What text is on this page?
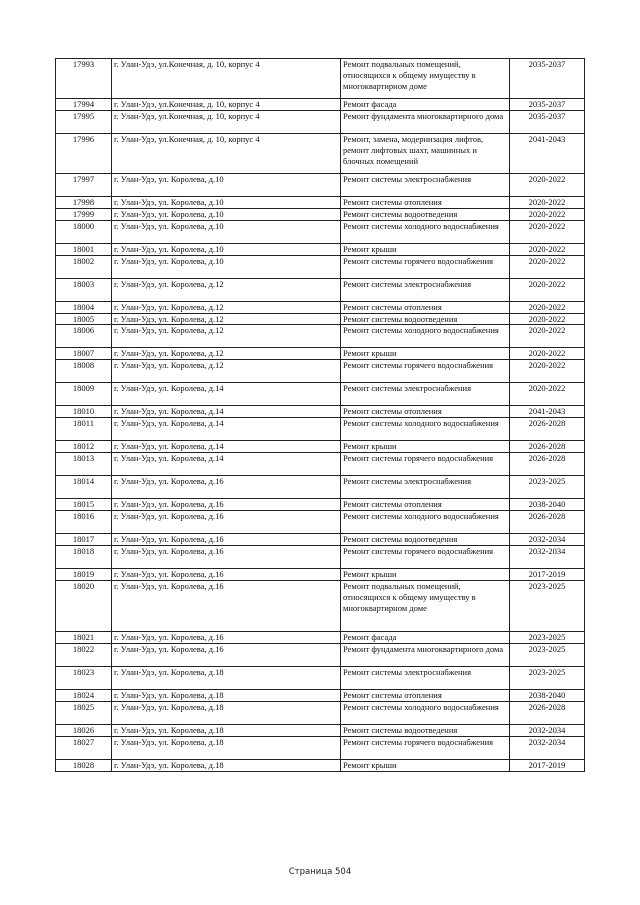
17993	г. Улан-Удэ, ул.Конечная, д. 10, корпус 4	Ремонт подвальных помещений, относящихся к общему имуществу в многоквартирном доме	2035-2037
17994	г. Улан-Удэ, ул.Конечная, д. 10, корпус 4	Ремонт фасада	2035-2037
17995	г. Улан-Удэ, ул.Конечная, д. 10, корпус 4	Ремонт фундамента многоквартирного дома	2035-2037
17996	г. Улан-Удэ, ул.Конечная, д. 10, корпус 4	Ремонт, замена, модернизация лифтов, ремонт лифтовых шахт, машинных и блочных помещений	2041-2043
17997	г. Улан-Удэ, ул. Королева, д.10	Ремонт системы электроснабжения	2020-2022
17998	г. Улан-Удэ, ул. Королева, д.10	Ремонт системы отопления	2020-2022
17999	г. Улан-Удэ, ул. Королева, д.10	Ремонт системы водоотведения	2020-2022
18000	г. Улан-Удэ, ул. Королева, д.10	Ремонт системы холодного водоснабжения	2020-2022
18001	г. Улан-Удэ, ул. Королева, д.10	Ремонт крыши	2020-2022
18002	г. Улан-Удэ, ул. Королева, д.10	Ремонт системы горячего водоснабжения	2020-2022
18003	г. Улан-Удэ, ул. Королева, д.12	Ремонт системы электроснабжения	2020-2022
18004	г. Улан-Удэ, ул. Королева, д.12	Ремонт системы отопления	2020-2022
18005	г. Улан-Удэ, ул. Королева, д.12	Ремонт системы водоотведения	2020-2022
18006	г. Улан-Удэ, ул. Королева, д.12	Ремонт системы холодного водоснабжения	2020-2022
18007	г. Улан-Удэ, ул. Королева, д.12	Ремонт крыши	2020-2022
18008	г. Улан-Удэ, ул. Королева, д.12	Ремонт системы горячего водоснабжения	2020-2022
18009	г. Улан-Удэ, ул. Королева, д.14	Ремонт системы электроснабжения	2020-2022
18010	г. Улан-Удэ, ул. Королева, д.14	Ремонт системы отопления	2041-2043
18011	г. Улан-Удэ, ул. Королева, д.14	Ремонт системы холодного водоснабжения	2026-2028
18012	г. Улан-Удэ, ул. Королева, д.14	Ремонт крыши	2026-2028
18013	г. Улан-Удэ, ул. Королева, д.14	Ремонт системы горячего водоснабжения	2026-2028
18014	г. Улан-Удэ, ул. Королева, д.16	Ремонт системы электроснабжения	2023-2025
18015	г. Улан-Удэ, ул. Королева, д.16	Ремонт системы отопления	2038-2040
18016	г. Улан-Удэ, ул. Королева, д.16	Ремонт системы холодного водоснабжения	2026-2028
18017	г. Улан-Удэ, ул. Королева, д.16	Ремонт системы водоотведения	2032-2034
18018	г. Улан-Удэ, ул. Королева, д.16	Ремонт системы горячего водоснабжения	2032-2034
18019	г. Улан-Удэ, ул. Королева, д.16	Ремонт крыши	2017-2019
18020	г. Улан-Удэ, ул. Королева, д.16	Ремонт подвальных помещений, относящихся к общему имуществу в многоквартирном доме	2023-2025
18021	г. Улан-Удэ, ул. Королева, д.16	Ремонт фасада	2023-2025
18022	г. Улан-Удэ, ул. Королева, д.16	Ремонт фундамента многоквартирного дома	2023-2025
18023	г. Улан-Удэ, ул. Королева, д.18	Ремонт системы электроснабжения	2023-2025
18024	г. Улан-Удэ, ул. Королева, д.18	Ремонт системы отопления	2038-2040
18025	г. Улан-Удэ, ул. Королева, д.18	Ремонт системы холодного водоснабжения	2026-2028
18026	г. Улан-Удэ, ул. Королева, д.18	Ремонт системы водоотведения	2032-2034
18027	г. Улан-Удэ, ул. Королева, д.18	Ремонт системы горячего водоснабжения	2032-2034
18028	г. Улан-Удэ, ул. Королева, д.18	Ремонт крыши	2017-2019
Страница 504
